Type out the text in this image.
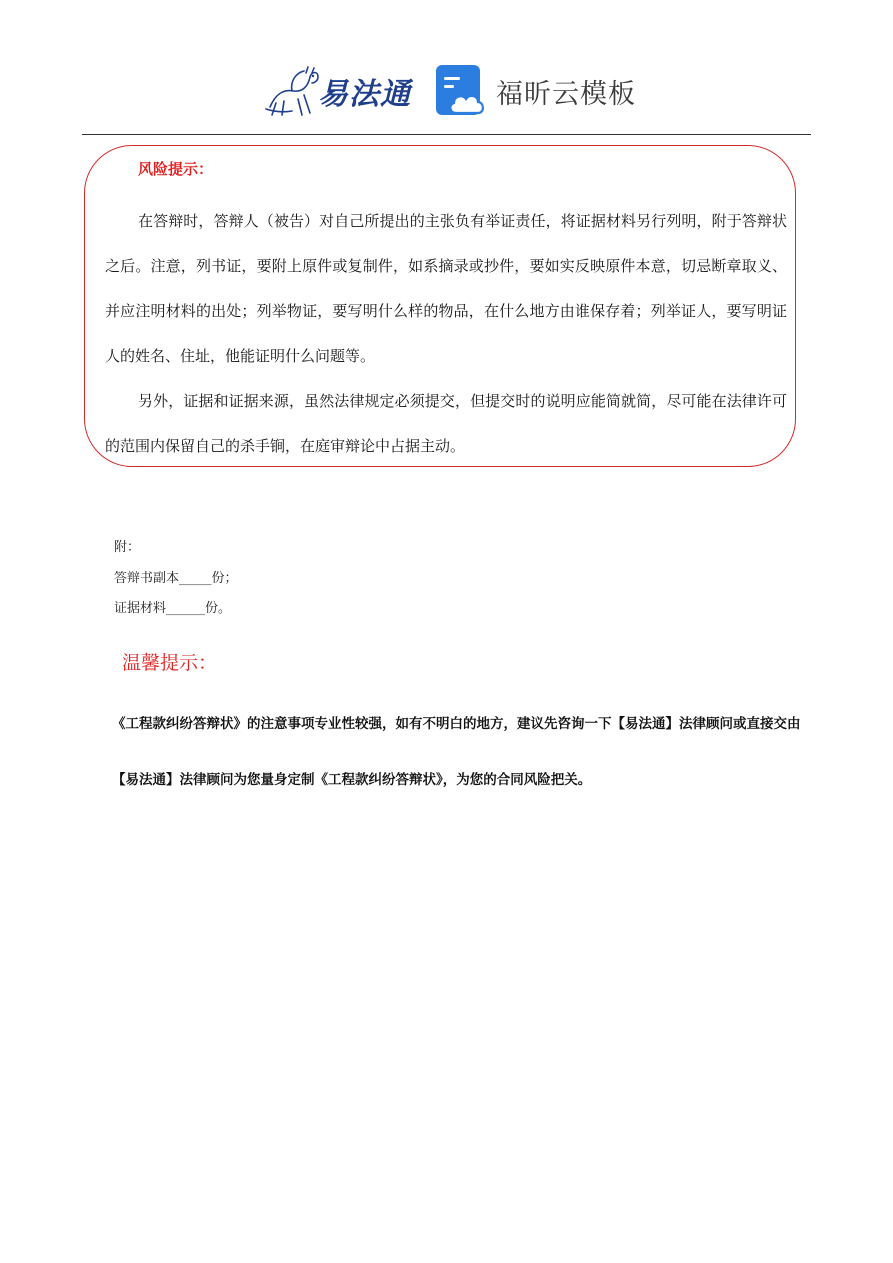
易法通	福昕云模板
风险提示：

在答辩时，答辩人（被告）对自己所提出的主张负有举证责任，将证据材料另行列明，附于答辩状之后。注意，列书证，要附上原件或复制件，如系摘录或抄件，要如实反映原件本意，切忌断章取义、并应注明材料的出处；列举物证，要写明什么样的物品，在什么地方由谁保存着；列举证人，要写明证人的姓名、住址，他能证明什么问题等。

另外，证据和证据来源，虽然法律规定必须提交，但提交时的说明应能简就简，尽可能在法律许可的范围内保留自己的杀手锏，在庭审辩论中占据主动。

附：
答辩书副本_____份；
证据材料______份。
温馨提示：

《工程款纠纷答辩状》的注意事项专业性较强，如有不明白的地方，建议先咨询一下【易法通】法律顾问或直接交由【易法通】法律顾问为您量身定制《工程款纠纷答辩状》，为您的合同风险把关。
